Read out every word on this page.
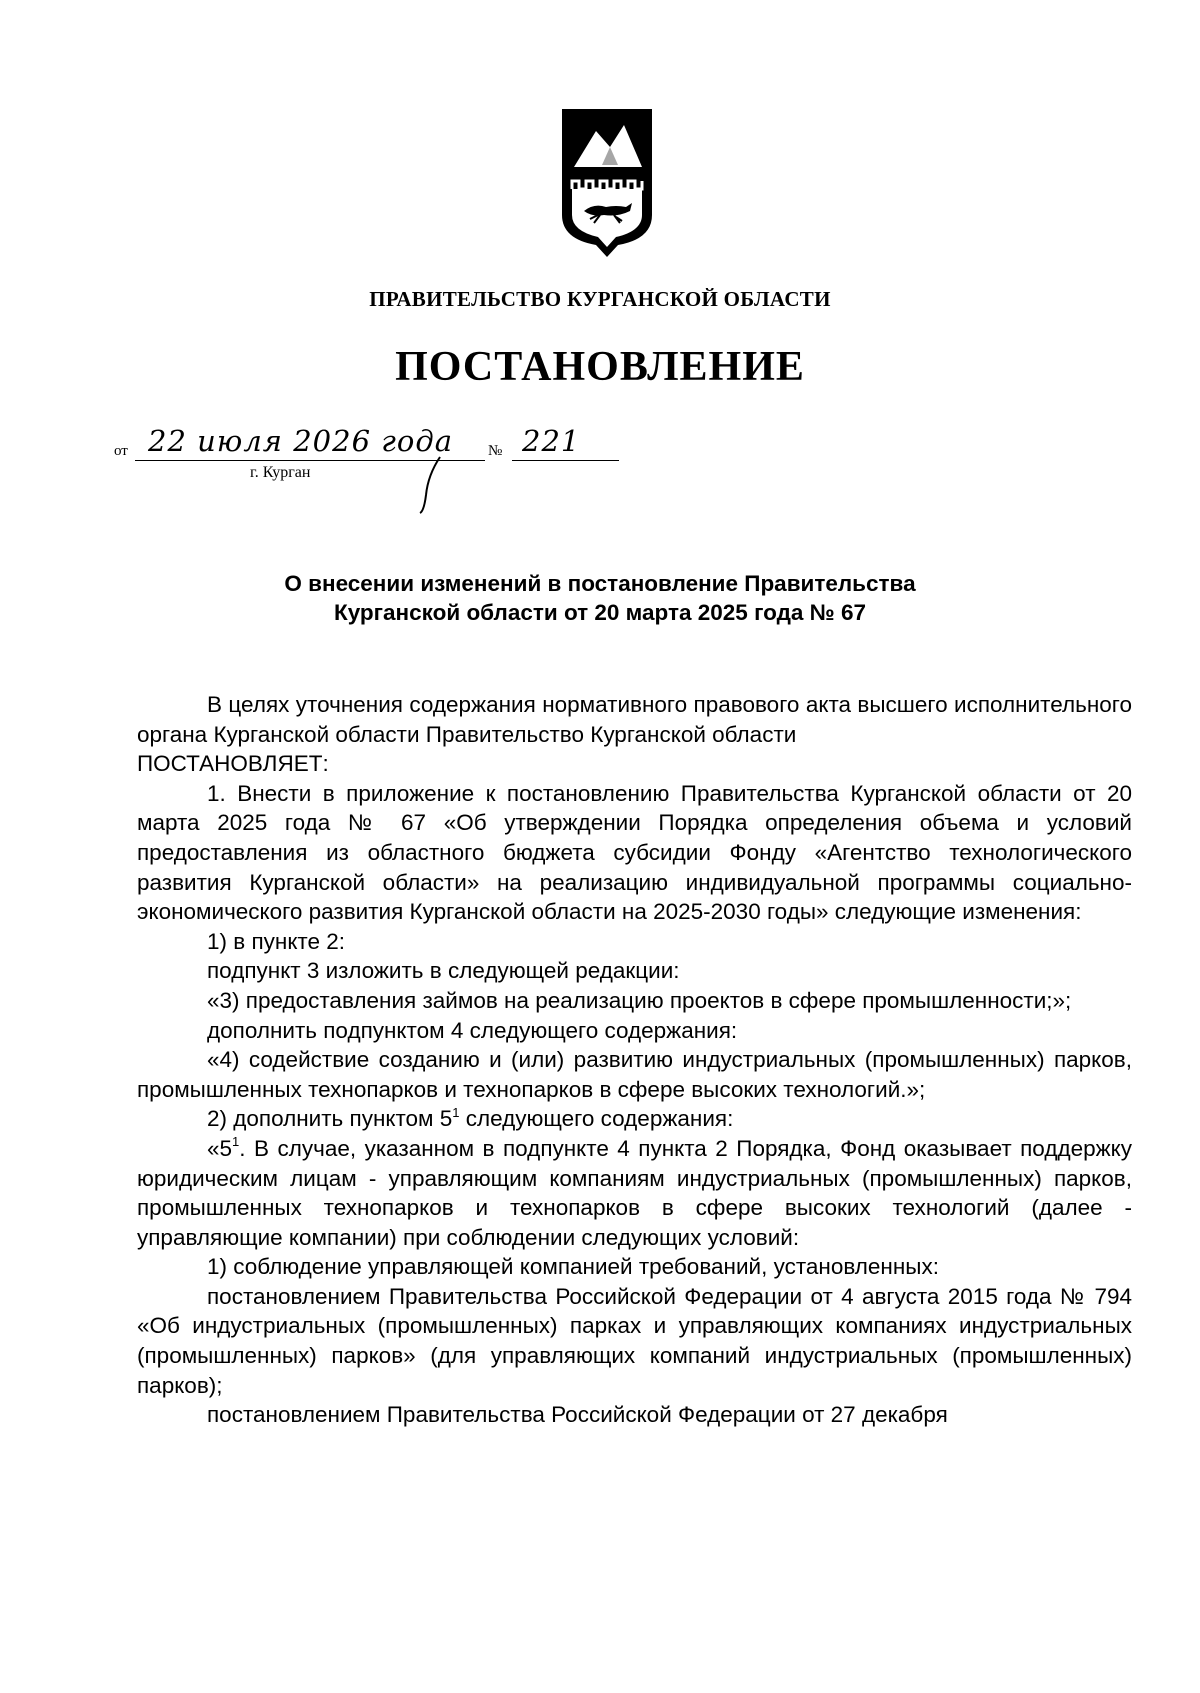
ПРАВИТЕЛЬСТВО КУРГАНСКОЙ ОБЛАСТИ
ПОСТАНОВЛЕНИЕ
от 22 июля 2026 года № 221
г. Курган
О внесении изменений в постановление Правительства
Курганской области от 20 марта 2025 года № 67

В целях уточнения содержания нормативного правового акта высшего исполнительного органа Курганской области Правительство Курганской области

ПОСТАНОВЛЯЕТ:

1. Внести в приложение к постановлению Правительства Курганской области от 20 марта 2025 года № 67 «Об утверждении Порядка определения объема и условий предоставления из областного бюджета субсидии Фонду «Агентство технологического развития Курганской области» на реализацию индивидуальной программы социально-экономического развития Курганской области на 2025-2030 годы» следующие изменения:

1) в пункте 2:

подпункт 3 изложить в следующей редакции:

«3) предоставления займов на реализацию проектов в сфере промышленности;»;

дополнить подпунктом 4 следующего содержания:

«4) содействие созданию и (или) развитию индустриальных (промышленных) парков, промышленных технопарков и технопарков в сфере высоких технологий.»;

2) дополнить пунктом $5^1$ следующего содержания:

«$5^1$. В случае, указанном в подпункте 4 пункта 2 Порядка, Фонд оказывает поддержку юридическим лицам - управляющим компаниям индустриальных (промышленных) парков, промышленных технопарков и технопарков в сфере высоких технологий (далее - управляющие компании) при соблюдении следующих условий:

1) соблюдение управляющей компанией требований, установленных:

постановлением Правительства Российской Федерации от 4 августа 2015 года № 794 «Об индустриальных (промышленных) парках и управляющих компаниях индустриальных (промышленных) парков» (для управляющих компаний индустриальных (промышленных) парков);

постановлением Правительства Российской Федерации от 27 декабря
